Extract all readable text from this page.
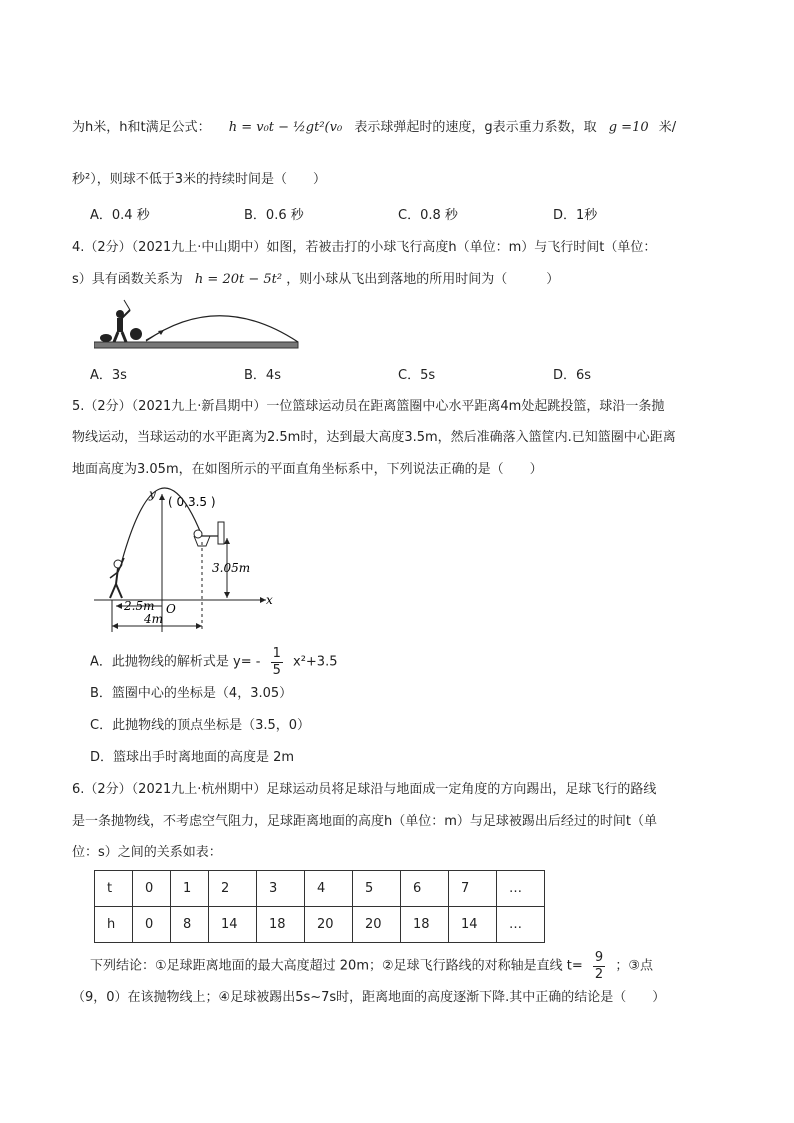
为h米，h和t满足公式： h = v₀t − ½gt²(v₀ 表示球弹起时的速度，g表示重力系数，取 g =10 米/
秒²），则球不低于3米的持续时间是（　　）
A．0.4 秒	B．0.6 秒	C．0.8 秒	D．1秒
4.（2分）（2021九上·中山期中）如图，若被击打的小球飞行高度h（单位：m）与飞行时间t（单位：
s）具有函数关系为 h = 20t − 5t² ，则小球从飞出到落地的所用时间为（　　　）
A．3s	B．4s	C．5s	D．6s
5.（2分）（2021九上·新昌期中）一位篮球运动员在距离篮圈中心水平距离4m处起跳投篮，球沿一条抛
物线运动，当球运动的水平距离为2.5m时，达到最大高度3.5m，然后准确落入篮筐内.已知篮圈中心距离
地面高度为3.05m，在如图所示的平面直角坐标系中，下列说法正确的是（　　）
y
x
O
( 0,3.5 )
3.05m
2.5m
4m
A．此抛物线的解析式是 $y= - \frac{1}{5} x^2+3.5$
B．篮圈中心的坐标是（4，3.05）
C．此抛物线的顶点坐标是（3.5，0）
D．篮球出手时离地面的高度是 2m
6.（2分）（2021九上·杭州期中）足球运动员将足球沿与地面成一定角度的方向踢出，足球飞行的路线
是一条抛物线，不考虑空气阻力，足球距离地面的高度h（单位：m）与足球被踢出后经过的时间t（单
位：s）之间的关系如表：
t	0	1	2	3	4	5	6	7	…
h	0	8	14	18	20	20	18	14	…
下列结论：①足球距离地面的最大高度超过 20m；②足球飞行路线的对称轴是直线 $t= \frac{9}{2}$ ；③点
（9，0）在该抛物线上；④足球被踢出5s~7s时，距离地面的高度逐渐下降.其中正确的结论是（　　）
